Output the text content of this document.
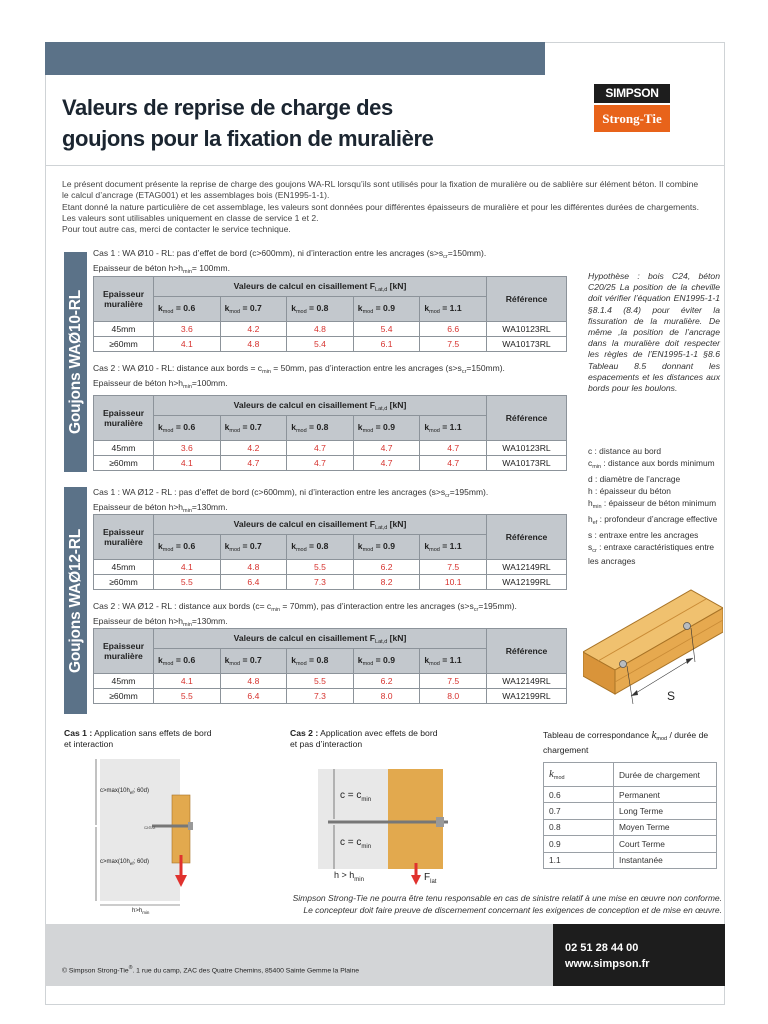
Valeurs de reprise de charge des
goujons pour la fixation de muralière
SIMPSON
Strong-Tie

Le présent document présente la reprise de charge des goujons WA-RL lorsqu’ils sont utilisés pour la fixation de muralière ou de sablière sur élément béton. Il combine le calcul d’ancrage (ETAG001) et les assemblages bois (EN1995-1-1).

Etant donné la nature particulière de cet assemblage, les valeurs sont données pour différentes épaisseurs de muralière et pour les différentes durées de chargements. Les valeurs sont utilisables uniquement en classe de service 1 et 2.

Pour tout autre cas, merci de contacter le service technique.

Goujons WAØ10-RL
Goujons WAØ12-RL
Cas 1 : WA Ø10 - RL: pas d’effet de bord (c>600mm), ni d’interaction entre les ancrages $(s>s_{cr}=150mm)$.
Epaisseur de béton $h>h_{min}= 100mm$.
Cas 2 : WA Ø10 - RL: distance aux bords = $c_{min} = 50mm$, pas d’interaction entre les ancrages $(s>s_{cr}=150mm)$.
Epaisseur de béton $h>h_{min}=100mm$.
Cas 1 : WA Ø12 - RL : pas d’effet de bord (c>600mm), ni d’interaction entre les ancrages $(s>s_{cr}=195mm)$.
Epaisseur de béton $h>h_{min}=130mm$.
Cas 2 : WA Ø12 - RL : distance aux bords $(c= c_{min} = 70mm)$, pas d’interaction entre les ancrages $(s>s_{cr}=195mm)$.
Epaisseur de béton $h>h_{min}=130mm$.
Epaisseur muralière	Valeurs de calcul en cisaillement $F_{Lat,d}$ [kN]					Référence
	$k_{mod} = 0.6$	$k_{mod} = 0.7$	$k_{mod} = 0.8$	$k_{mod} = 0.9$	$k_{mod} = 1.1$	
45mm	3.6	4.2	4.8	5.4	6.6	WA10123RL
≥60mm	4.1	4.8	5.4	6.1	7.5	WA10173RL
Epaisseur muralière	Valeurs de calcul en cisaillement $F_{Lat,d}$ [kN]					Référence
	$k_{mod} = 0.6$	$k_{mod} = 0.7$	$k_{mod} = 0.8$	$k_{mod} = 0.9$	$k_{mod} = 1.1$	
45mm	3.6	4.2	4.7	4.7	4.7	WA10123RL
≥60mm	4.1	4.7	4.7	4.7	4.7	WA10173RL
Epaisseur muralière	Valeurs de calcul en cisaillement $F_{Lat,d}$ [kN]					Référence
	$k_{mod} = 0.6$	$k_{mod} = 0.7$	$k_{mod} = 0.8$	$k_{mod} = 0.9$	$k_{mod} = 1.1$	
45mm	4.1	4.8	5.5	6.2	7.5	WA12149RL
≥60mm	5.5	6.4	7.3	8.2	10.1	WA12199RL
Epaisseur muralière	Valeurs de calcul en cisaillement $F_{Lat,d}$ [kN]					Référence
	$k_{mod} = 0.6$	$k_{mod} = 0.7$	$k_{mod} = 0.8$	$k_{mod} = 0.9$	$k_{mod} = 1.1$	
45mm	4.1	4.8	5.5	6.2	7.5	WA12149RL
≥60mm	5.5	6.4	7.3	8.0	8.0	WA12199RL
Hypothèse : bois C24, béton C20/25 La position de la cheville doit vérifier l’équation EN1995-1-1 §8.1.4 (8.4) pour éviter la fissuration de la muralière. De même ,la position de l’ancrage dans la muralière doit respecter les règles de l’EN1995-1-1 §8.6 Tableau 8.5 donnant les espacements et les distances aux bords pour les boulons.
c : distance au bord
$c_{min}$ : distance aux bords minimum
d : diamètre de l’ancrage
h : épaisseur du béton
$h_{min}$ : épaisseur de béton minimum
$h_{ef}$ : profondeur d’ancrage effective
s : entraxe entre les ancrages
$s_{cr}$ : entraxe caractéristiques entre les ancrages
S
Cas 1 : Application sans effets de bord
et interaction
Cas 2 : Application avec effets de bord
et pas d’interaction
$c>\max(10h_{ef}$; 60d)
c≥S/2
$c>\max(10h_{ef}$; 60d)
$h>h_{min}$
$c = c_{min}$
$c = c_{min}$
$h > h_{min}$	$F_{lat}$
Tableau de correspondance $k_{mod}$ / durée de chargement
$k_{mod}$	Durée de chargement
0.6	Permanent
0.7	Long Terme
0.8	Moyen Terme
0.9	Court Terme
1.1	Instantanée
Simpson Strong-Tie ne pourra être tenu responsable en cas de sinistre relatif à une mise en œuvre non conforme.
Le concepteur doit faire preuve de discernement concernant les exigences de conception et de mise en œuvre.
02 51 28 44 00
www.simpson.fr
© Simpson Strong-Tie®. 1 rue du camp, ZAC des Quatre Chemins, 85400 Sainte Gemme la Plaine
